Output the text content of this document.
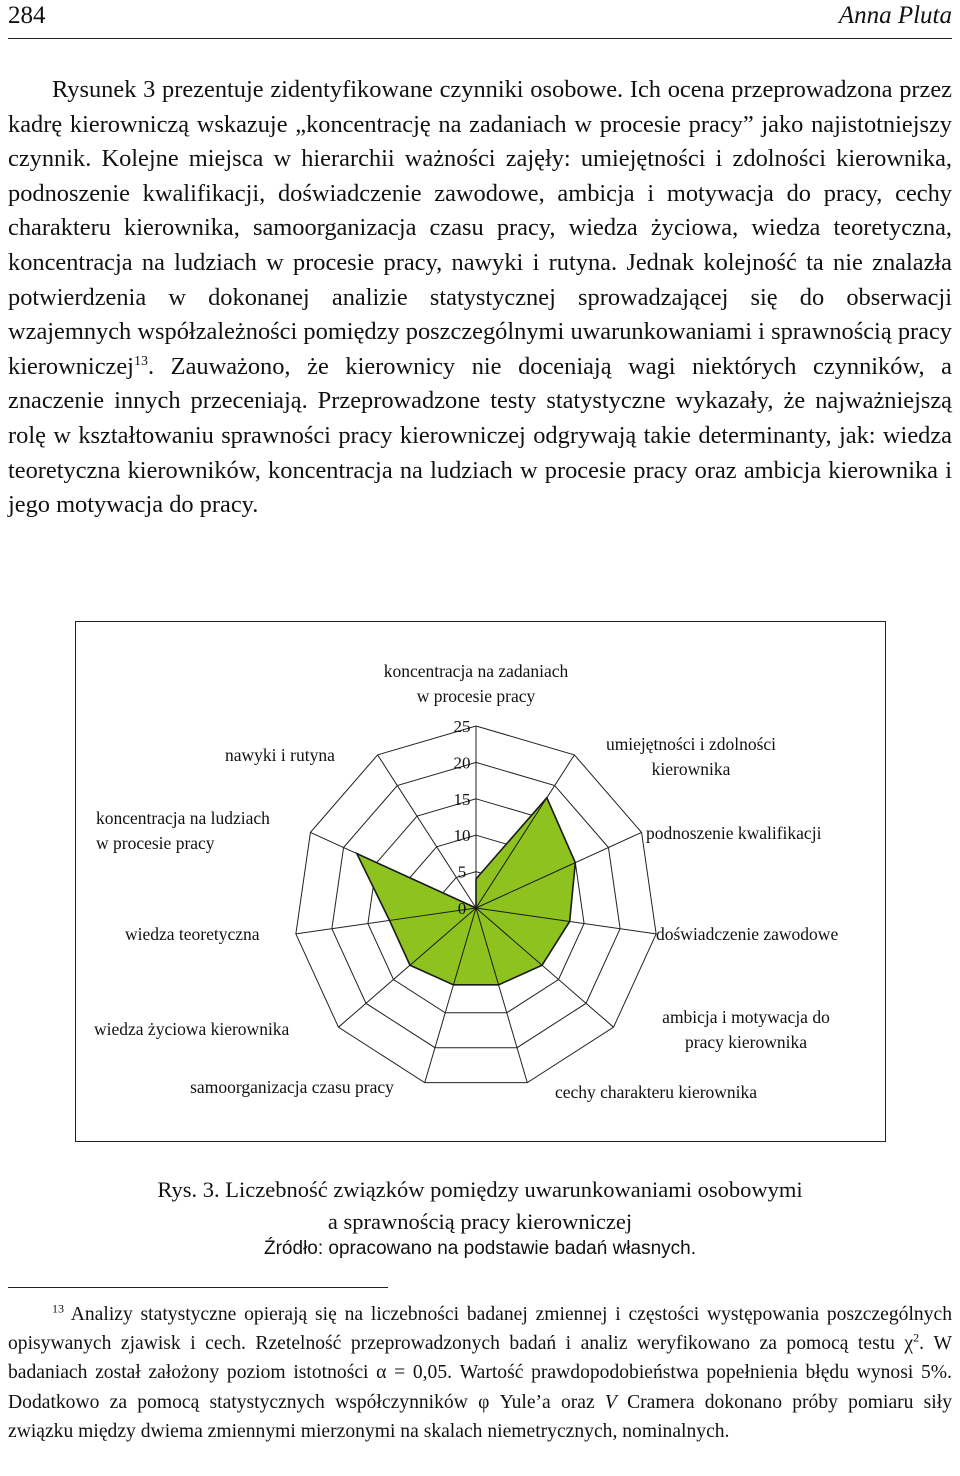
284	Anna Pluta

Rysunek 3 prezentuje zidentyfikowane czynniki osobowe. Ich ocena przeprowadzona przez kadrę kierowniczą wskazuje „koncentrację na zadaniach w procesie pracy” jako najistotniejszy czynnik. Kolejne miejsca w hierarchii ważności zajęły: umiejętności i zdolności kierownika, podnoszenie kwalifikacji, doświadczenie zawodowe, ambicja i motywacja do pracy, cechy charakteru kierownika, samoorganizacja czasu pracy, wiedza życiowa, wiedza teoretyczna, koncentracja na ludziach w procesie pracy, nawyki i rutyna. Jednak kolejność ta nie znalazła potwierdzenia w dokonanej analizie statystycznej sprowadzającej się do obserwacji wzajemnych współzależności pomiędzy poszczególnymi uwarunkowaniami i sprawnością pracy kierowniczej$^{13}$. Zauważono, że kierownicy nie doceniają wagi niektórych czynników, a znaczenie innych przeceniają. Przeprowadzone testy statystyczne wykazały, że najważniejszą rolę w kształtowaniu sprawności pracy kierowniczej odgrywają takie determinanty, jak: wiedza teoretyczna kierowników, koncentracja na ludziach w procesie pracy oraz ambicja kierownika i jego motywacja do pracy.

0
5
10
15
20
25
koncentracja na zadaniach w procesie pracy
umiejętności i zdolności kierownika
podnoszenie kwalifikacji
doświadczenie zawodowe
ambicja i motywacja do pracy kierownika
cechy charakteru kierownika
samoorganizacja czasu pracy
wiedza życiowa kierownika
wiedza teoretyczna
koncentracja na ludziach w procesie pracy
nawyki i rutyna
Rys. 3. Liczebność związków pomiędzy uwarunkowaniami osobowymi
a sprawnością pracy kierowniczej
Źródło: opracowano na podstawie badań własnych.

$^{13}$ Analizy statystyczne opierają się na liczebności badanej zmiennej i częstości występowania poszczególnych opisywanych zjawisk i cech. Rzetelność przeprowadzonych badań i analiz weryfikowano za pomocą testu $\chi^2$. W badaniach został założony poziom istotności α = 0,05. Wartość prawdopodobieństwa popełnienia błędu wynosi 5%. Dodatkowo za pomocą statystycznych współczynników φ Yule’a oraz V Cramera dokonano próby pomiaru siły związku między dwiema zmiennymi mierzonymi na skalach niemetrycznych, nominalnych.
